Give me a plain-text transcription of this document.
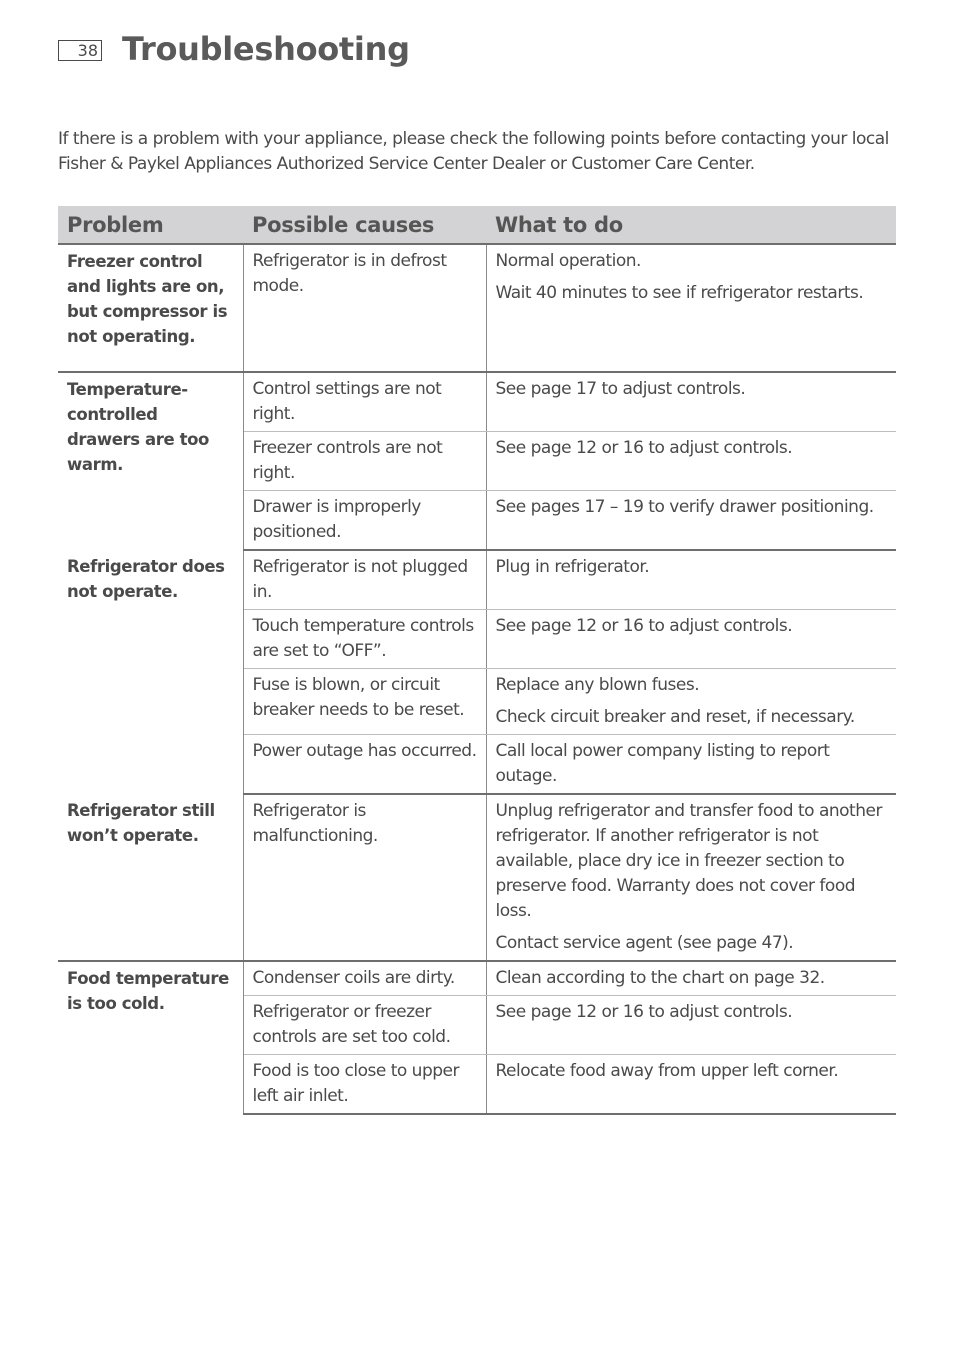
38 Troubleshooting

If there is a problem with your appliance, please check the following points before contacting your local Fisher & Paykel Appliances Authorized Service Center Dealer or Customer Care Center.

Problem	Possible causes	What to do
Freezer control and lights are on, but compressor is not operating.	Refrigerator is in defrost mode.	Normal operation.

Wait 40 minutes to see if refrigerator restarts.

Temperature-controlled drawers are too warm.	Control settings are not right.	See page 17 to adjust controls.

	Freezer controls are not right.	See page 12 or 16 to adjust controls.

	Drawer is improperly positioned.	See pages 17 – 19 to verify drawer positioning.

Refrigerator does not operate.	Refrigerator is not plugged in.	Plug in refrigerator.

	Touch temperature controls are set to “OFF”.	See page 12 or 16 to adjust controls.

	Fuse is blown, or circuit breaker needs to be reset.	Replace any blown fuses.

Check circuit breaker and reset, if necessary.

	Power outage has occurred.	Call local power company listing to report outage.

Refrigerator still won’t operate.	Refrigerator is malfunctioning.	Unplug refrigerator and transfer food to another refrigerator. If another refrigerator is not available, place dry ice in freezer section to preserve food. Warranty does not cover food loss.

Contact service agent (see page 47).

Food temperature is too cold.	Condenser coils are dirty.	Clean according to the chart on page 32.

	Refrigerator or freezer controls are set too cold.	See page 12 or 16 to adjust controls.

	Food is too close to upper left air inlet.	Relocate food away from upper left corner.
